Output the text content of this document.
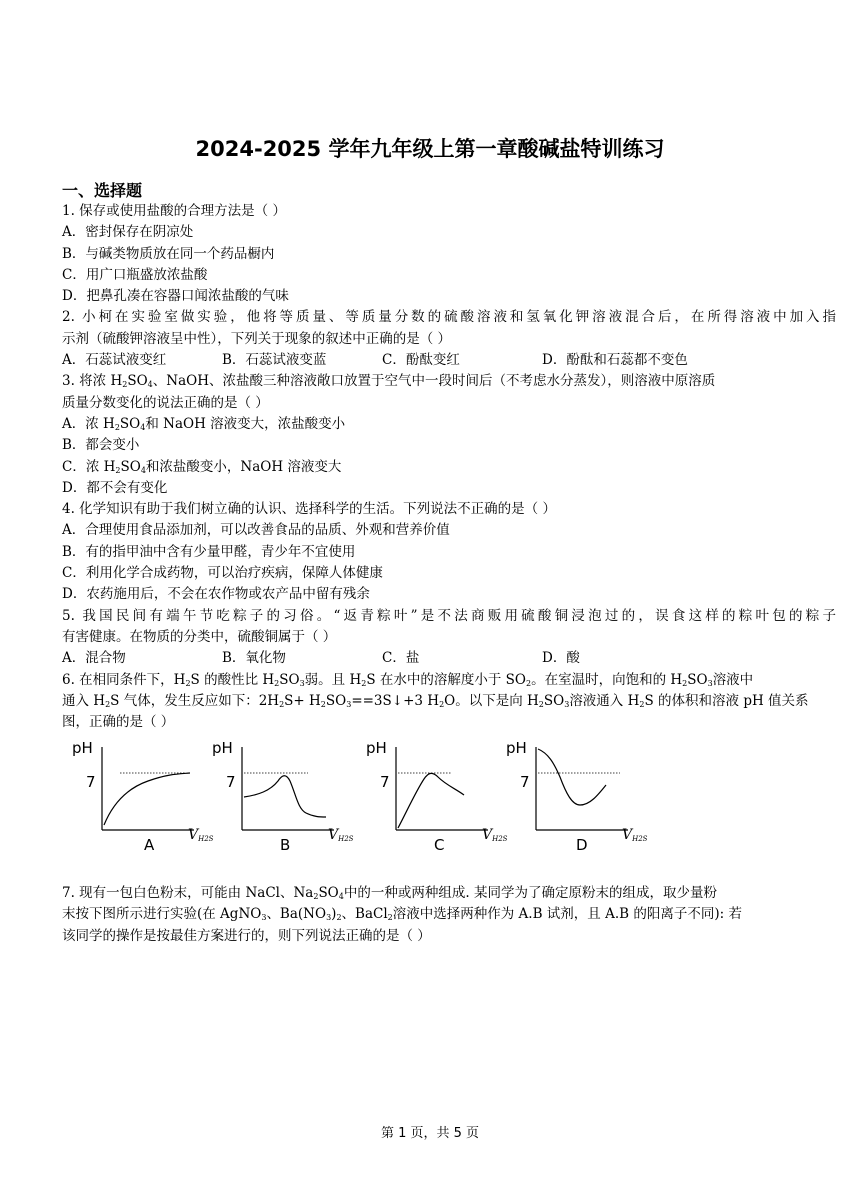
2024-2025 学年九年级上第一章酸碱盐特训练习
一、选择题

1. 保存或使用盐酸的合理方法是（ ）

A．密封保存在阴凉处

B．与碱类物质放在同一个药品橱内

C．用广口瓶盛放浓盐酸

D．把鼻孔凑在容器口闻浓盐酸的气味

2. 小柯在实验室做实验，他将等质量、等质量分数的硫酸溶液和氢氧化钾溶液混合后，在所得溶液中加入指

示剂（硫酸钾溶液呈中性），下列关于现象的叙述中正确的是（ ）

A．石蕊试液变红	B．石蕊试液变蓝	C．酚酞变红	D．酚酞和石蕊都不变色

3. 将浓 $H_2SO_4$、NaOH、浓盐酸三种溶液敞口放置于空气中一段时间后（不考虑水分蒸发），则溶液中原溶质

质量分数变化的说法正确的是（ ）

A．浓 $H_2SO_4$和 NaOH 溶液变大，浓盐酸变小

B．都会变小

C．浓 $H_2SO_4$和浓盐酸变小，NaOH 溶液变大

D．都不会有变化

4. 化学知识有助于我们树立确的认识、选择科学的生活。下列说法不正确的是（ ）

A．合理使用食品添加剂，可以改善食品的品质、外观和营养价值

B．有的指甲油中含有少量甲醛，青少年不宜使用

C．利用化学合成药物，可以治疗疾病，保障人体健康

D．农药施用后，不会在农作物或农产品中留有残余

5. 我国民间有端午节吃粽子的习俗。“返青粽叶”是不法商贩用硫酸铜浸泡过的，误食这样的粽叶包的粽子

有害健康。在物质的分类中，硫酸铜属于（ ）

A．混合物	B．氧化物	C．盐	D．酸

6. 在相同条件下，$H_2S$ 的酸性比 $H_2SO_3$弱。且 $H_2S$ 在水中的溶解度小于 $SO_2$。在室温时，向饱和的 $H_2SO_3$溶液中

通入 $H_2S$ 气体，发生反应如下：$2H_2S+$ $H_2SO_3==3S↓+3$ $H_2O$。以下是向 $H_2SO_3$溶液通入 $H_2S$ 的体积和溶液 pH 值关系

图，正确的是（ ）

pH
7
A
$V_{H2S}$
pH
7
B
$V_{H2S}$
pH
7
C
$V_{H2S}$
pH
7
D
$V_{H2S}$

7. 现有一包白色粉末，可能由 NaCl、$Na_2SO_4$中的一种或两种组成. 某同学为了确定原粉末的组成，取少量粉

末按下图所示进行实验(在 AgNO$_3$、$Ba(NO_3)_2$、BaCl$_2$溶液中选择两种作为 A.B 试剂，且 A.B 的阳离子不同): 若

该同学的操作是按最佳方案进行的，则下列说法正确的是（ ）

第 1 页，共 5 页
